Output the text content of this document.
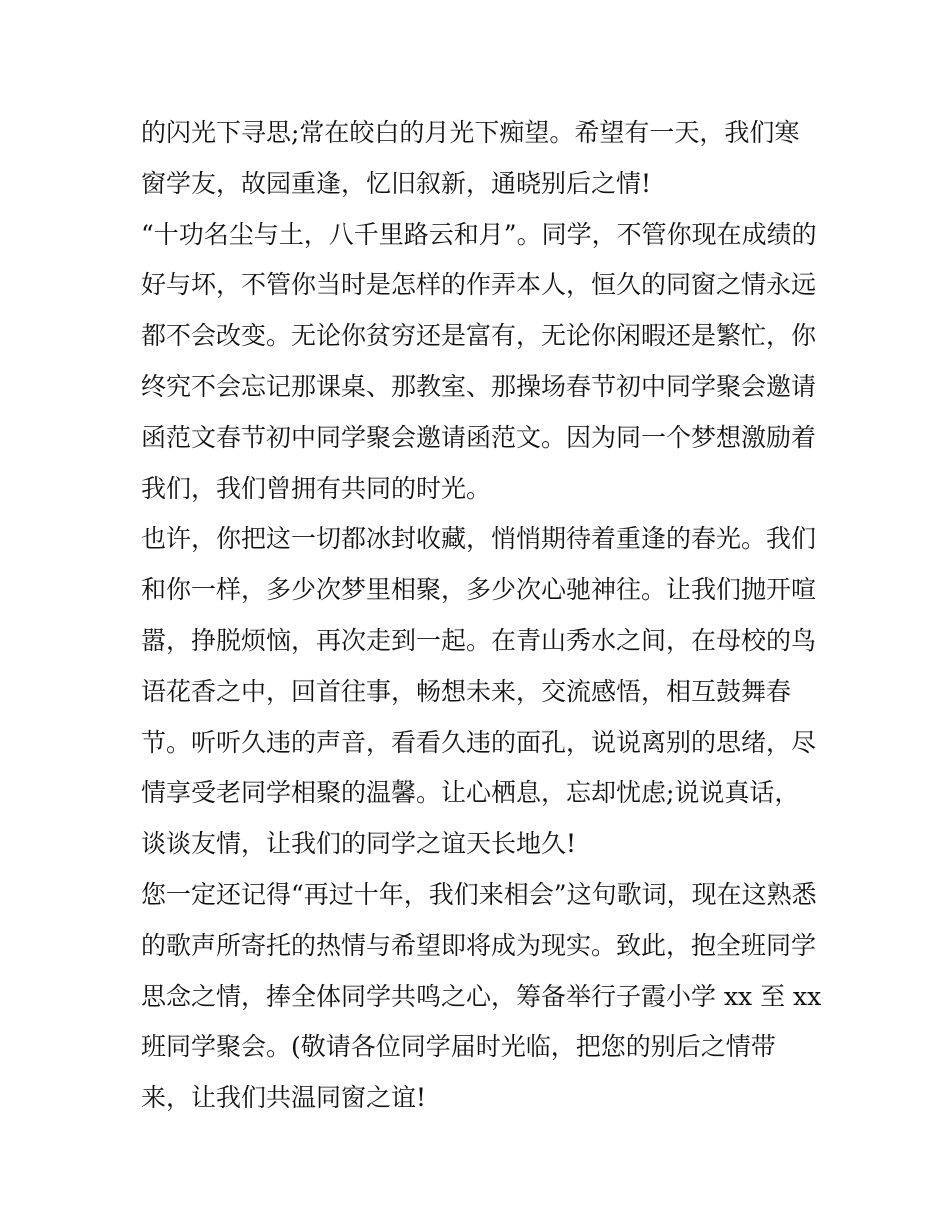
的闪光下寻思;常在皎白的月光下痴望。希望有一天，我们寒
窗学友，故园重逢，忆旧叙新，通晓别后之情!
“十功名尘与土，八千里路云和月”。同学，不管你现在成绩的
好与坏，不管你当时是怎样的作弄本人，恒久的同窗之情永远
都不会改变。无论你贫穷还是富有，无论你闲暇还是繁忙，你
终究不会忘记那课桌、那教室、那操场春节初中同学聚会邀请
函范文春节初中同学聚会邀请函范文。因为同一个梦想激励着
我们，我们曾拥有共同的时光。
也许，你把这一切都冰封收藏，悄悄期待着重逢的春光。我们
和你一样，多少次梦里相聚，多少次心驰神往。让我们抛开喧
嚣，挣脱烦恼，再次走到一起。在青山秀水之间，在母校的鸟
语花香之中，回首往事，畅想未来，交流感悟，相互鼓舞春
节。听听久违的声音，看看久违的面孔，说说离别的思绪，尽
情享受老同学相聚的温馨。让心栖息，忘却忧虑;说说真话，
谈谈友情，让我们的同学之谊天长地久!
您一定还记得“再过十年，我们来相会”这句歌词，现在这熟悉
的歌声所寄托的热情与希望即将成为现实。致此，抱全班同学
思念之情，捧全体同学共鸣之心，筹备举行子霞小学 xx 至 xx
班同学聚会。(敬请各位同学届时光临，把您的别后之情带
来，让我们共温同窗之谊!
